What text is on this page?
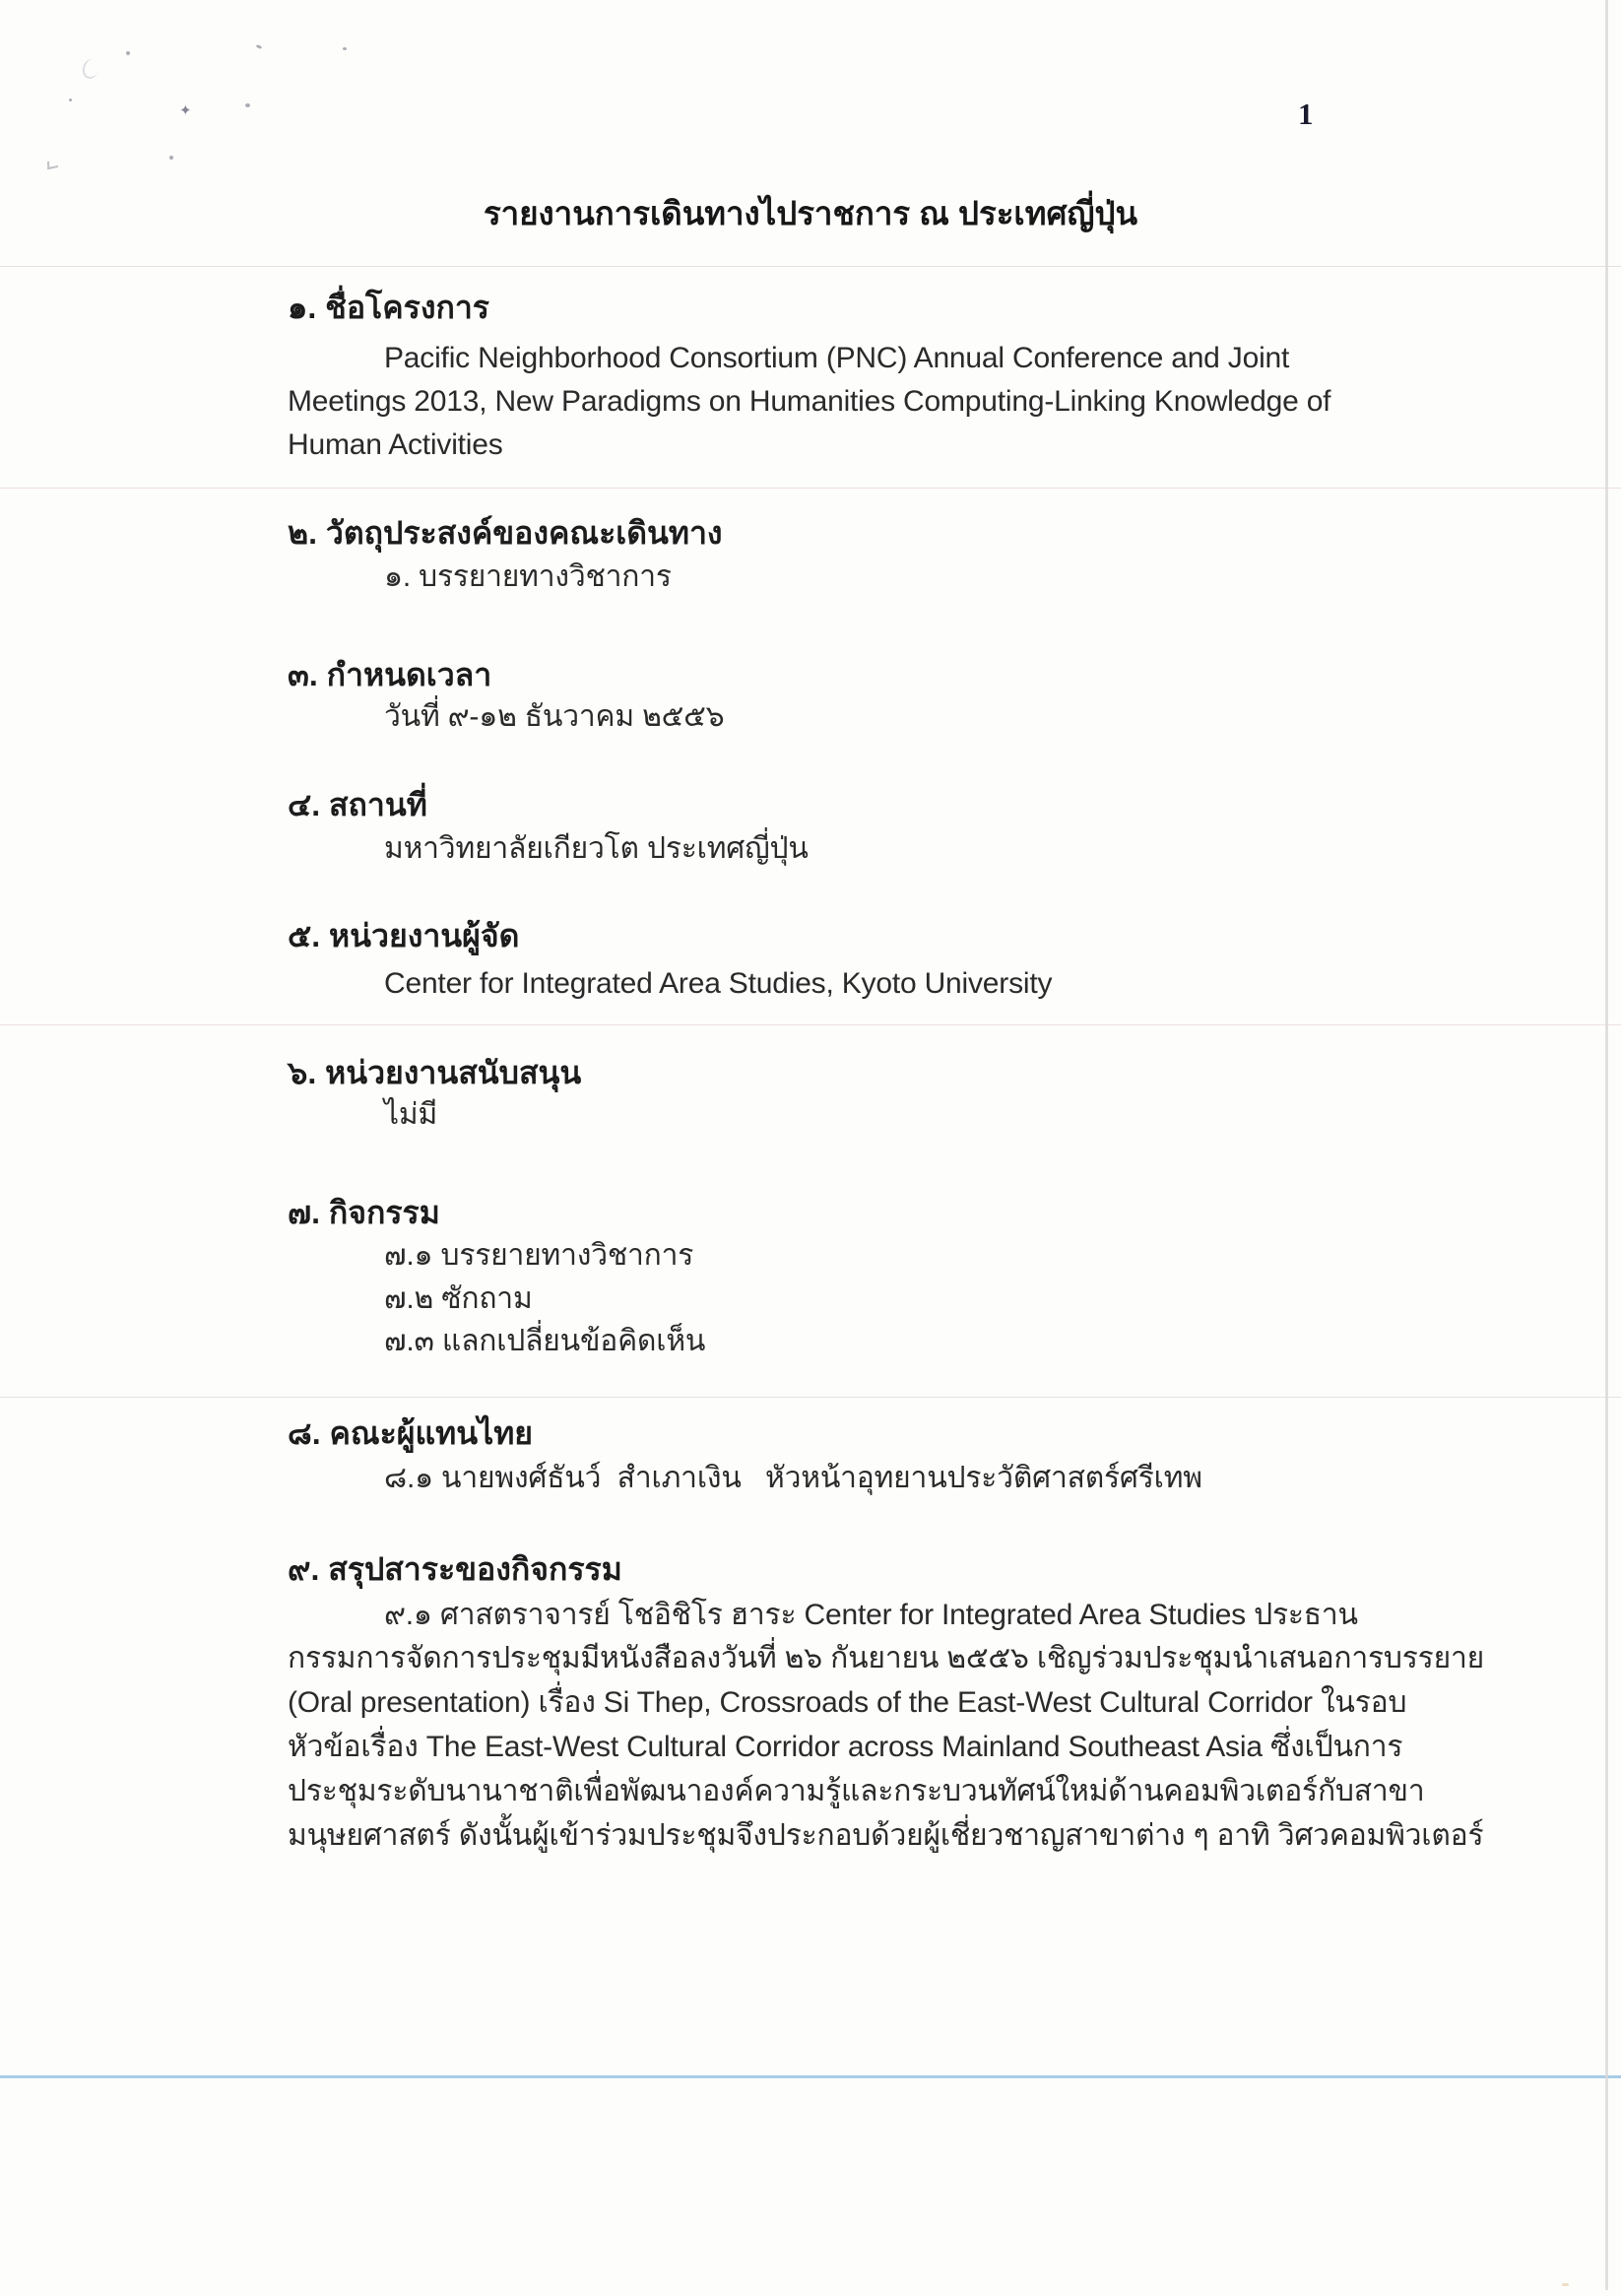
✦	1
รายงานการเดินทางไปราชการ ณ ประเทศญี่ปุ่น
๑. ชื่อโครงการ
Pacific Neighborhood Consortium (PNC) Annual Conference and Joint
Meetings 2013, New Paradigms on Humanities Computing-Linking Knowledge of
Human Activities
๒. วัตถุประสงค์ของคณะเดินทาง
๑. บรรยายทางวิชาการ
๓. กำหนดเวลา
วันที่ ๙-๑๒ ธันวาคม ๒๕๕๖
๔. สถานที่
มหาวิทยาลัยเกียวโต ประเทศญี่ปุ่น
๕. หน่วยงานผู้จัด
Center for Integrated Area Studies, Kyoto University
๖. หน่วยงานสนับสนุน
ไม่มี
๗. กิจกรรม
๗.๑ บรรยายทางวิชาการ
๗.๒ ซักถาม
๗.๓ แลกเปลี่ยนข้อคิดเห็น
๘. คณะผู้แทนไทย
๘.๑ นายพงศ์ธันว์  สำเภาเงิน   หัวหน้าอุทยานประวัติศาสตร์ศรีเทพ
๙. สรุปสาระของกิจกรรม
๙.๑ ศาสตราจารย์ โชอิชิโร ฮาระ Center for Integrated Area Studies ประธาน
กรรมการจัดการประชุมมีหนังสือลงวันที่ ๒๖ กันยายน ๒๕๕๖ เชิญร่วมประชุมนำเสนอการบรรยาย
(Oral presentation) เรื่อง Si Thep, Crossroads of the East-West Cultural Corridor ในรอบ
หัวข้อเรื่อง The East-West Cultural Corridor across Mainland Southeast Asia ซึ่งเป็นการ
ประชุมระดับนานาชาติเพื่อพัฒนาองค์ความรู้และกระบวนทัศน์ใหม่ด้านคอมพิวเตอร์กับสาขา
มนุษยศาสตร์ ดังนั้นผู้เข้าร่วมประชุมจึงประกอบด้วยผู้เชี่ยวชาญสาขาต่าง ๆ อาทิ วิศวคอมพิวเตอร์
